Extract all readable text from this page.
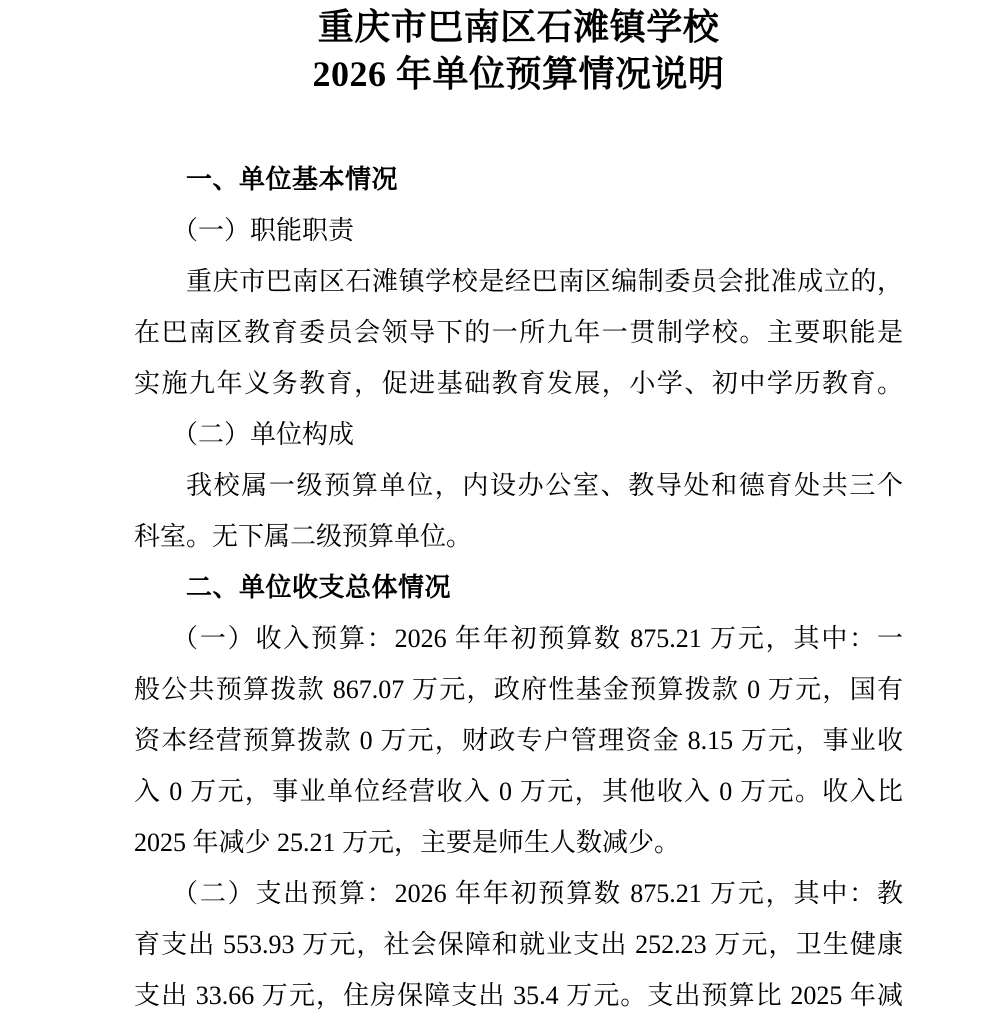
重庆市巴南区石滩镇学校
2026 年单位预算情况说明
一、单位基本情况
（一）职能职责
重庆市巴南区石滩镇学校是经巴南区编制委员会批准成立的，
在巴南区教育委员会领导下的一所九年一贯制学校。主要职能是
实施九年义务教育，促进基础教育发展，小学、初中学历教育。
（二）单位构成
我校属一级预算单位，内设办公室、教导处和德育处共三个
科室。无下属二级预算单位。
二、单位收支总体情况
（一）收入预算：2026 年年初预算数 875.21 万元，其中：一
般公共预算拨款 867.07 万元，政府性基金预算拨款 0 万元，国有
资本经营预算拨款 0 万元，财政专户管理资金 8.15 万元，事业收
入 0 万元，事业单位经营收入 0 万元，其他收入 0 万元。收入比
2025 年减少 25.21 万元，主要是师生人数减少。
（二）支出预算：2026 年年初预算数 875.21 万元，其中：教
育支出 553.93 万元，社会保障和就业支出 252.23 万元，卫生健康
支出 33.66 万元，住房保障支出 35.4 万元。支出预算比 2025 年减
